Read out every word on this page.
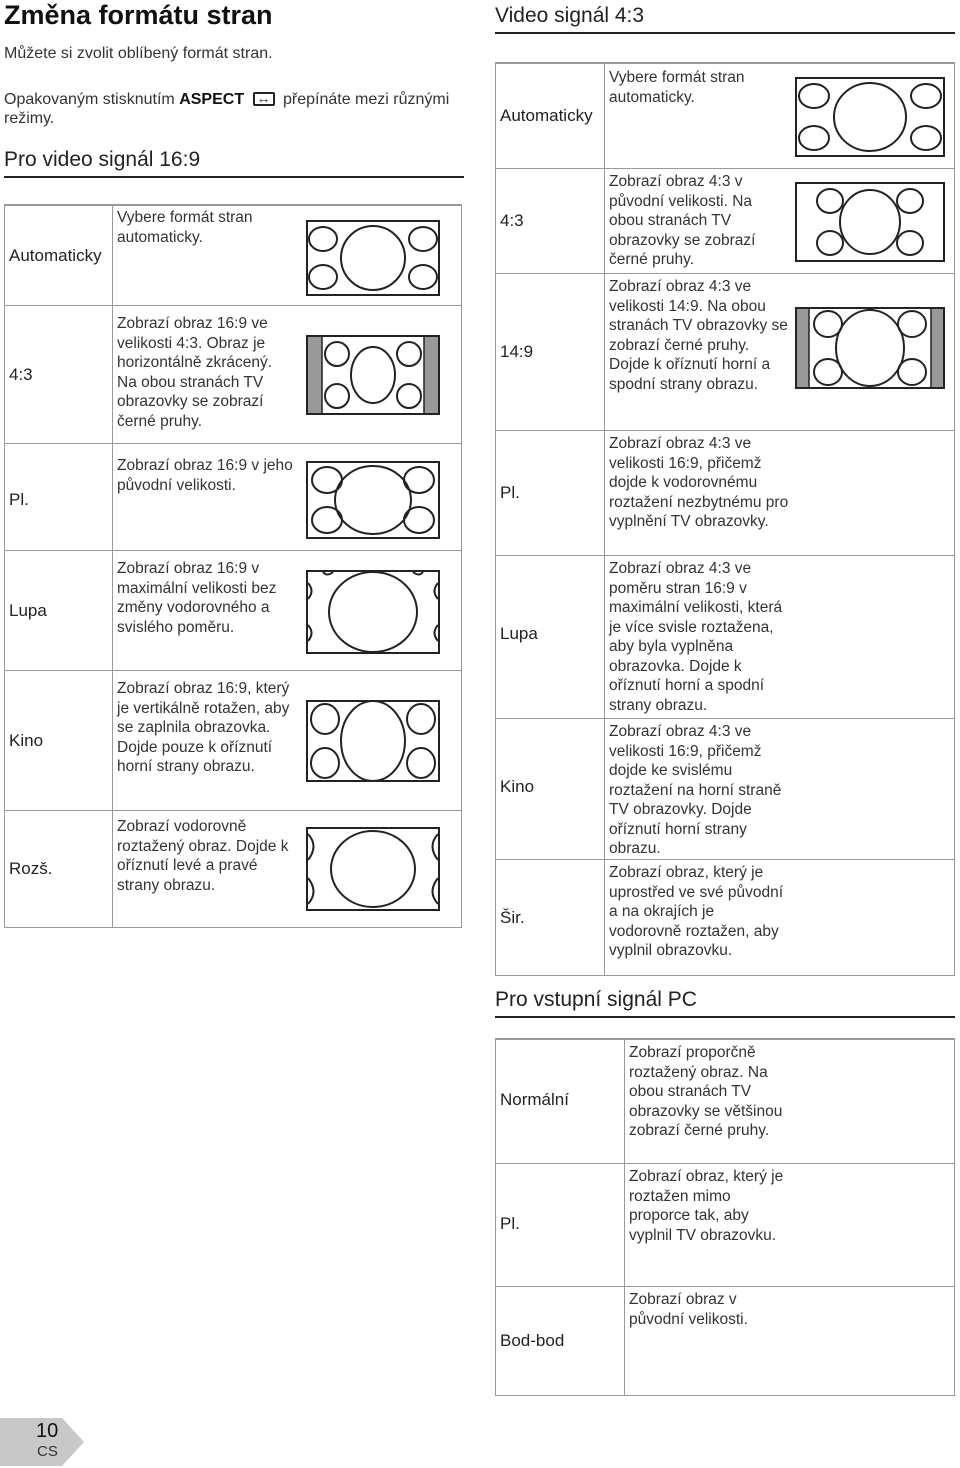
Změna formátu stran
Můžete si zvolit oblíbený formát stran.
Opakovaným stisknutím ASPECT ↔ přepínáte mezi různými režimy.
Pro video signál 16:9
Automaticky
Vybere formát stran automaticky.
4:3
Zobrazí obraz 16:9 ve velikosti 4:3. Obraz je horizontálně zkrácený. Na obou stranách TV obrazovky se zobrazí černé pruhy.
Pl.
Zobrazí obraz 16:9 v jeho původní velikosti.
Lupa
Zobrazí obraz 16:9 v maximální velikosti bez změny vodorovného a svislého poměru.
Kino
Zobrazí obraz 16:9, který je vertikálně rotažen, aby se zaplnila obrazovka. Dojde pouze k oříznutí horní strany obrazu.
Rozš.
Zobrazí vodorovně roztažený obraz. Dojde k oříznutí levé a pravé strany obrazu.
Video signál 4:3
Automaticky
Vybere formát stran automaticky.
4:3
Zobrazí obraz 4:3 v původní velikosti. Na obou stranách TV obrazovky se zobrazí černé pruhy.
14:9
Zobrazí obraz 4:3 ve velikosti 14:9. Na obou stranách TV obrazovky se zobrazí černé pruhy. Dojde k oříznutí horní a spodní strany obrazu.
Pl.
Zobrazí obraz 4:3 ve velikosti 16:9, přičemž dojde k vodorovnému roztažení nezbytnému pro vyplnění TV obrazovky.
Lupa
Zobrazí obraz 4:3 ve poměru stran 16:9 v maximální velikosti, která je více svisle roztažena, aby byla vyplněna obrazovka. Dojde k oříznutí horní a spodní strany obrazu.
Kino
Zobrazí obraz 4:3 ve velikosti 16:9, přičemž dojde ke svislému roztažení na horní straně TV obrazovky. Dojde oříznutí horní strany obrazu.
Šir.
Zobrazí obraz, který je uprostřed ve své původní a na okrajích je vodorovně roztažen, aby vyplnil obrazovku.
Pro vstupní signál PC
Normální
Zobrazí proporčně roztažený obraz. Na obou stranách TV obrazovky se většinou zobrazí černé pruhy.
Pl.
Zobrazí obraz, který je roztažen mimo proporce tak, aby vyplnil TV obrazovku.
Bod-bod
Zobrazí obraz v původní velikosti.
10
CS
